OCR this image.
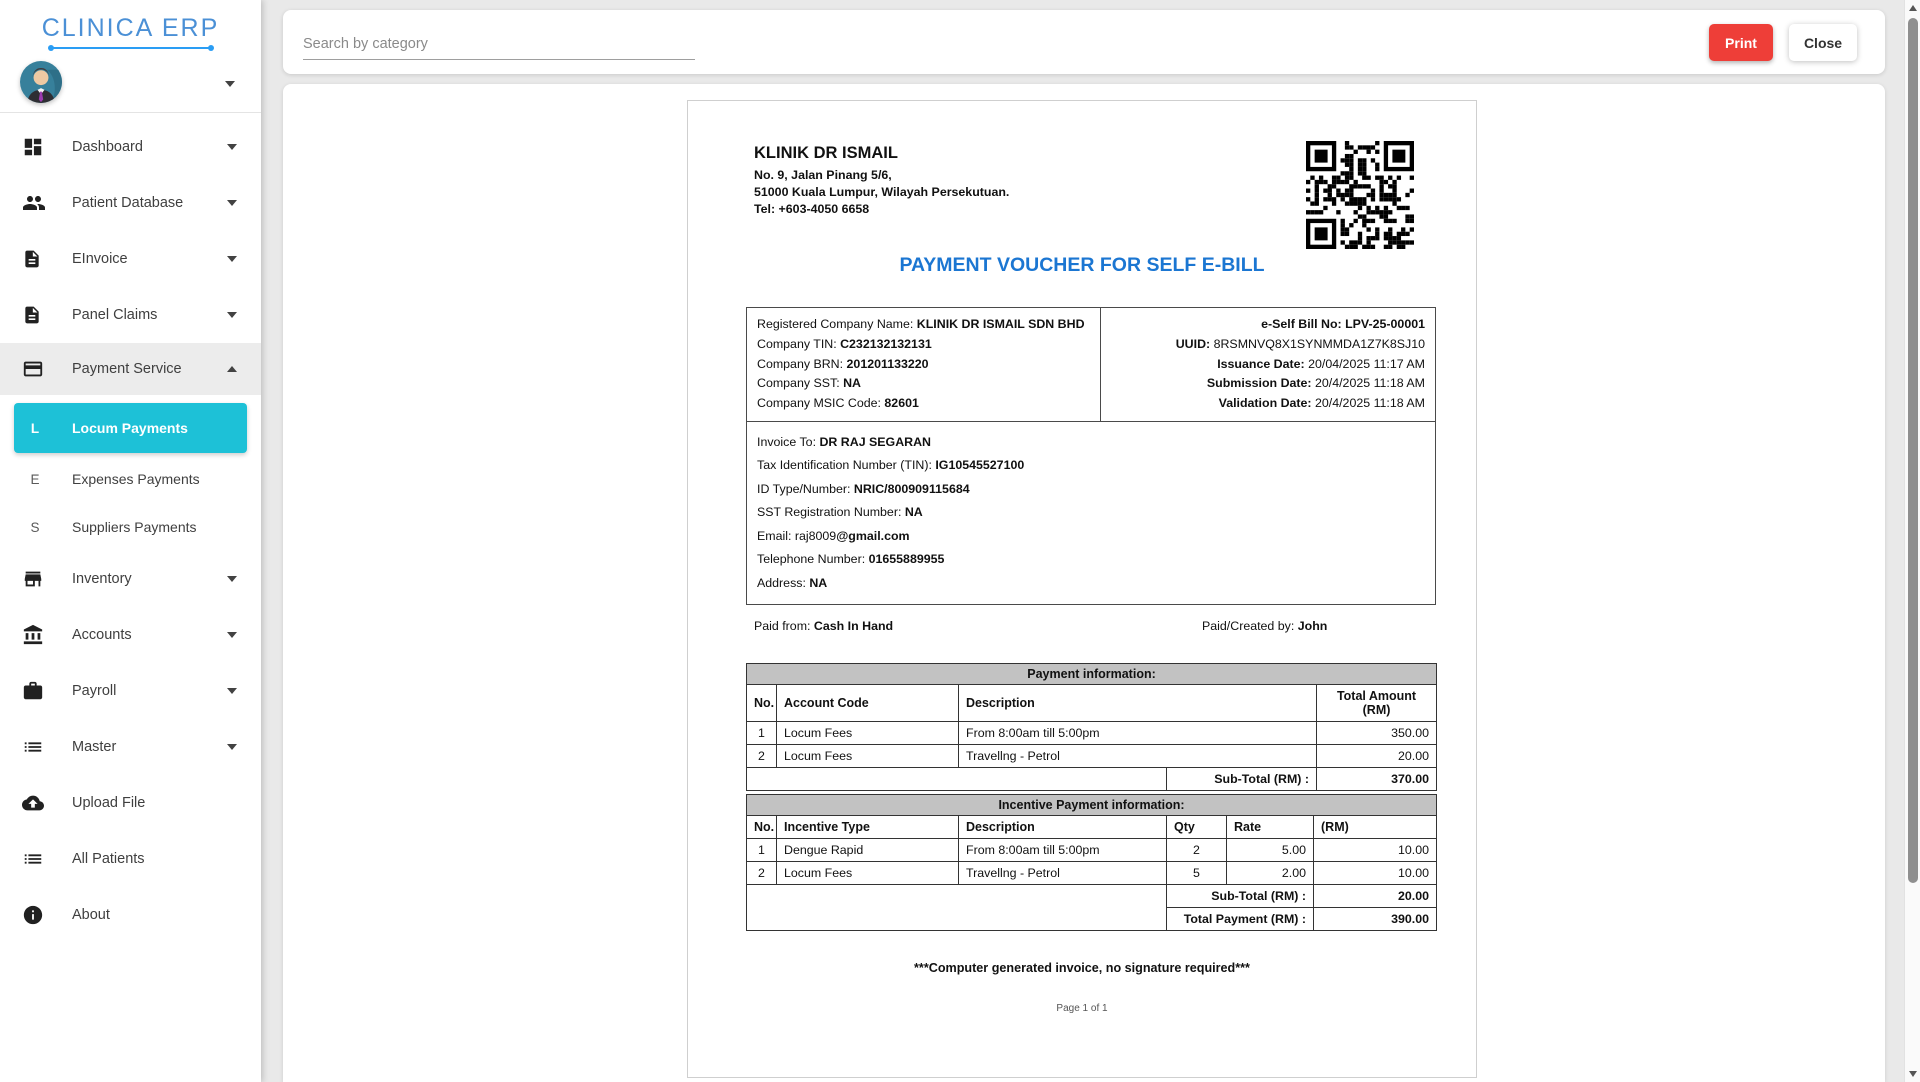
CLINICA ERP
Dashboard
Patient Database
EInvoice
Panel Claims
Payment Service
L	Locum Payments
E	Expenses Payments
S	Suppliers Payments
Inventory
Accounts
Payroll
Master
Upload File
All Patients
About
Search by category
Print	Close
KLINIK DR ISMAIL
No. 9, Jalan Pinang 5/6,
51000 Kuala Lumpur, Wilayah Persekutuan.
Tel: +603-4050 6658
PAYMENT VOUCHER FOR SELF E-BILL
Registered Company Name: KLINIK DR ISMAIL SDN BHD
Company TIN: C232132132131
Company BRN: 201201133220
Company SST: NA
Company MSIC Code: 82601
e-Self Bill No: LPV-25-00001
UUID: 8RSMNVQ8X1SYNMMDA1Z7K8SJ10
Issuance Date: 20/04/2025 11:17 AM
Submission Date: 20/4/2025 11:18 AM
Validation Date: 20/4/2025 11:18 AM
Invoice To: DR RAJ SEGARAN
Tax Identification Number (TIN): IG10545527100
ID Type/Number: NRIC/800909115684
SST Registration Number: NA
Email: raj8009@gmail.com
Telephone Number: 01655889955
Address: NA
Paid from: Cash In Hand	Paid/Created by: John
Payment information:				
No.	Account Code	Description		Total Amount (RM)
1	Locum Fees	From 8:00am till 5:00pm		350.00
2	Locum Fees	Travellng - Petrol		20.00
			Sub-Total (RM) :	370.00
Incentive Payment information:					
No.	Incentive Type	Description	Qty	Rate	(RM)
1	Dengue Rapid	From 8:00am till 5:00pm	2	5.00	10.00
2	Locum Fees	Travellng - Petrol	5	2.00	10.00
			Sub-Total (RM) :		20.00
			Total Payment (RM) :		390.00
***Computer generated invoice, no signature required***
Page 1 of 1
